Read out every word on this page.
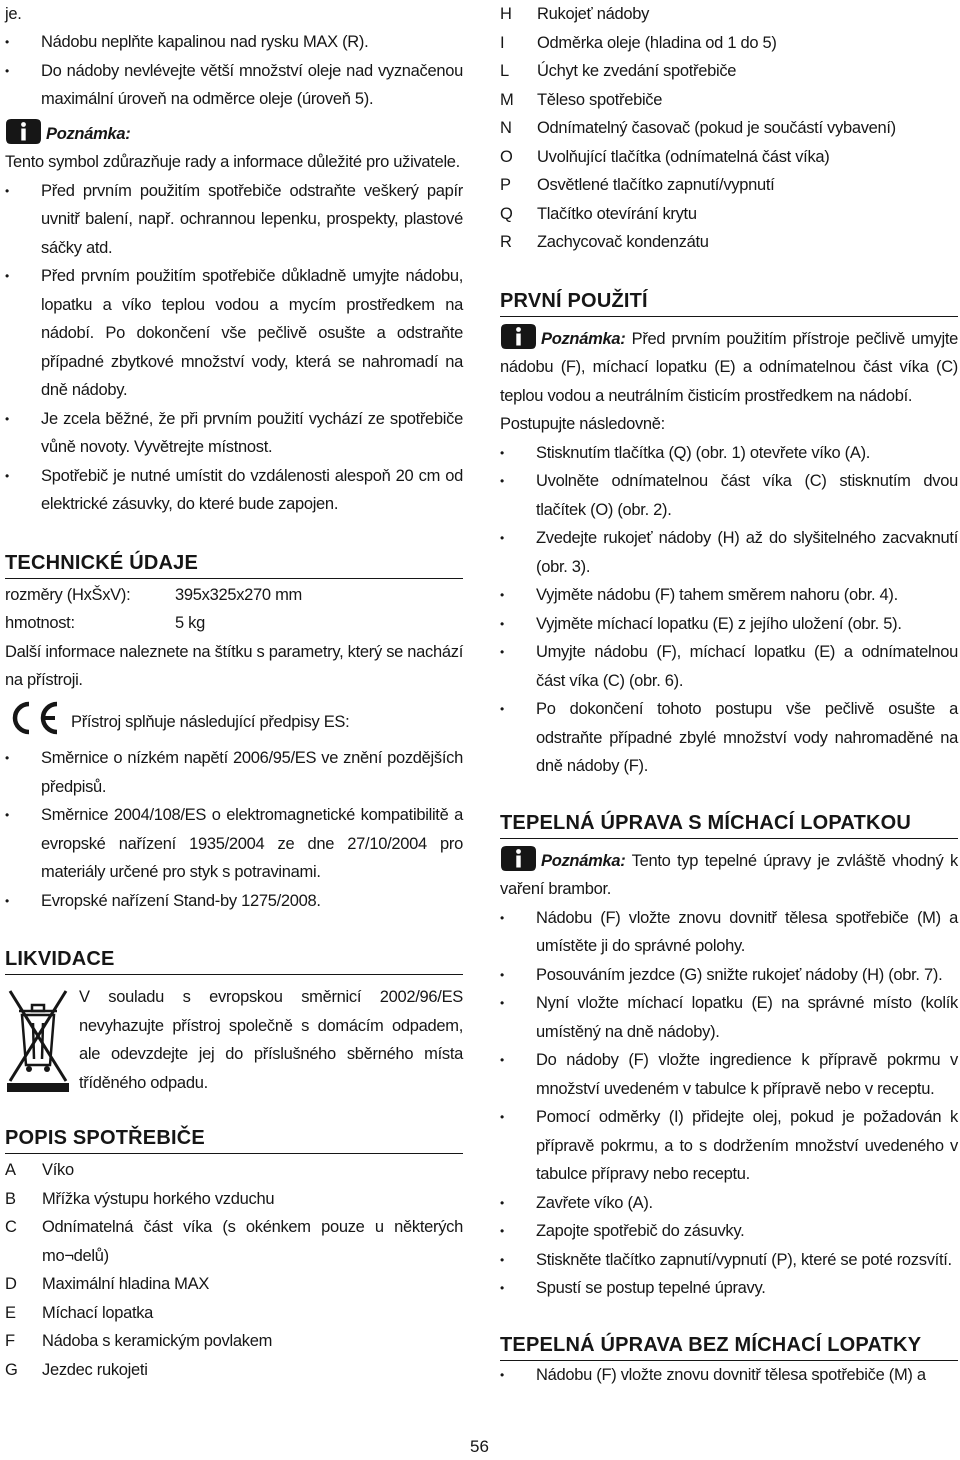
je.

• Nádobu neplňte kapalinou nad rysku MAX (R).

• Do nádoby nevlévejte větší množství oleje nad vyznačenou maximální úroveň na odměrce oleje (úroveň 5).

Poznámka:

Tento symbol zdůrazňuje rady a informace důležité pro uživatele.

• Před prvním použitím spotřebiče odstraňte veškerý papír uvnitř balení, např. ochrannou lepenku, prospekty, plastové sáčky atd.

• Před prvním použitím spotřebiče důkladně umyjte nádobu, lopatku a víko teplou vodou a mycím prostředkem na nádobí. Po dokončení vše pečlivě osušte a odstraňte případné zbytkové množství vody, která se nahromadí na dně nádoby.

• Je zcela běžné, že při prvním použití vychází ze spotřebiče vůně novoty. Vyvětrejte místnost.

• Spotřebič je nutné umístit do vzdálenosti alespoň 20 cm od elektrické zásuvky, do které bude zapojen.

TECHNICKÉ ÚDAJE

rozměry (HxŠxV):	395x325x270 mm

hmotnost:	5 kg

Další informace naleznete na štítku s parametry, který se nachází na přístroji.

Přístroj splňuje následující předpisy ES:

• Směrnice o nízkém napětí 2006/95/ES ve znění pozdějších předpisů.

• Směrnice 2004/108/ES o elektromagnetické kompatibilitě a evropské nařízení 1935/2004 ze dne 27/10/2004 pro materiály určené pro styk s potravinami.

• Evropské nařízení Stand-by 1275/2008.

LIKVIDACE

V souladu s evropskou směrnicí 2002/96/ES nevyhazujte přístroj společně s domácím odpadem, ale odevzdejte jej do příslušného sběrného místa tříděného odpadu.

POPIS SPOTŘEBIČE
A	Víko
B	Mřížka výstupu horkého vzduchu
C	Odnímatelná část víka (s okénkem pouze u některých mo¬delů)
D	Maximální hladina MAX
E	Míchací lopatka
F	Nádoba s keramickým povlakem
G	Jezdec rukojeti
H	Rukojeť nádoby
I	Odměrka oleje (hladina od 1 do 5)
L	Úchyt ke zvedání spotřebiče
M	Těleso spotřebiče
N	Odnímatelný časovač (pokud je součástí vybavení)
O	Uvolňující tlačítka (odnímatelná část víka)
P	Osvětlené tlačítko zapnutí/vypnutí
Q	Tlačítko otevírání krytu
R	Zachycovač kondenzátu
PRVNÍ POUŽITÍ

Poznámka: Před prvním použitím přístroje pečlivě umyjte nádobu (F), míchací lopatku (E) a odnímatelnou část víka (C) teplou vodou a neutrálním čisticím prostředkem na nádobí.

Postupujte následovně:

• Stisknutím tlačítka (Q) (obr. 1) otevřete víko (A).

• Uvolněte odnímatelnou část víka (C) stisknutím dvou tlačítek (O) (obr. 2).

• Zvedejte rukojeť nádoby (H) až do slyšitelného zacvaknutí (obr. 3).

• Vyjměte nádobu (F) tahem směrem nahoru (obr. 4).

• Vyjměte míchací lopatku (E) z jejího uložení (obr. 5).

• Umyjte nádobu (F), míchací lopatku (E) a odnímatelnou část víka (C) (obr. 6).

• Po dokončení tohoto postupu vše pečlivě osušte a odstraňte případné zbylé množství vody nahromaděné na dně nádoby (F).

TEPELNÁ ÚPRAVA S MÍCHACÍ LOPATKOU

Poznámka: Tento typ tepelné úpravy je zvláště vhodný k vaření brambor.

• Nádobu (F) vložte znovu dovnitř tělesa spotřebiče (M) a umístěte ji do správné polohy.

• Posouváním jezdce (G) snižte rukojeť nádoby (H) (obr. 7).

• Nyní vložte míchací lopatku (E) na správné místo (kolík umístěný na dně nádoby).

• Do nádoby (F) vložte ingredience k přípravě pokrmu v množství uvedeném v tabulce k přípravě nebo v receptu.

• Pomocí odměrky (I) přidejte olej, pokud je požadován k přípravě pokrmu, a to s dodržením množství uvedeného v tabulce přípravy nebo receptu.

• Zavřete víko (A).

• Zapojte spotřebič do zásuvky.

• Stiskněte tlačítko zapnutí/vypnutí (P), které se poté rozsvítí.

• Spustí se postup tepelné úpravy.

TEPELNÁ ÚPRAVA BEZ MÍCHACÍ LOPATKY

• Nádobu (F) vložte znovu dovnitř tělesa spotřebiče (M) a

56
